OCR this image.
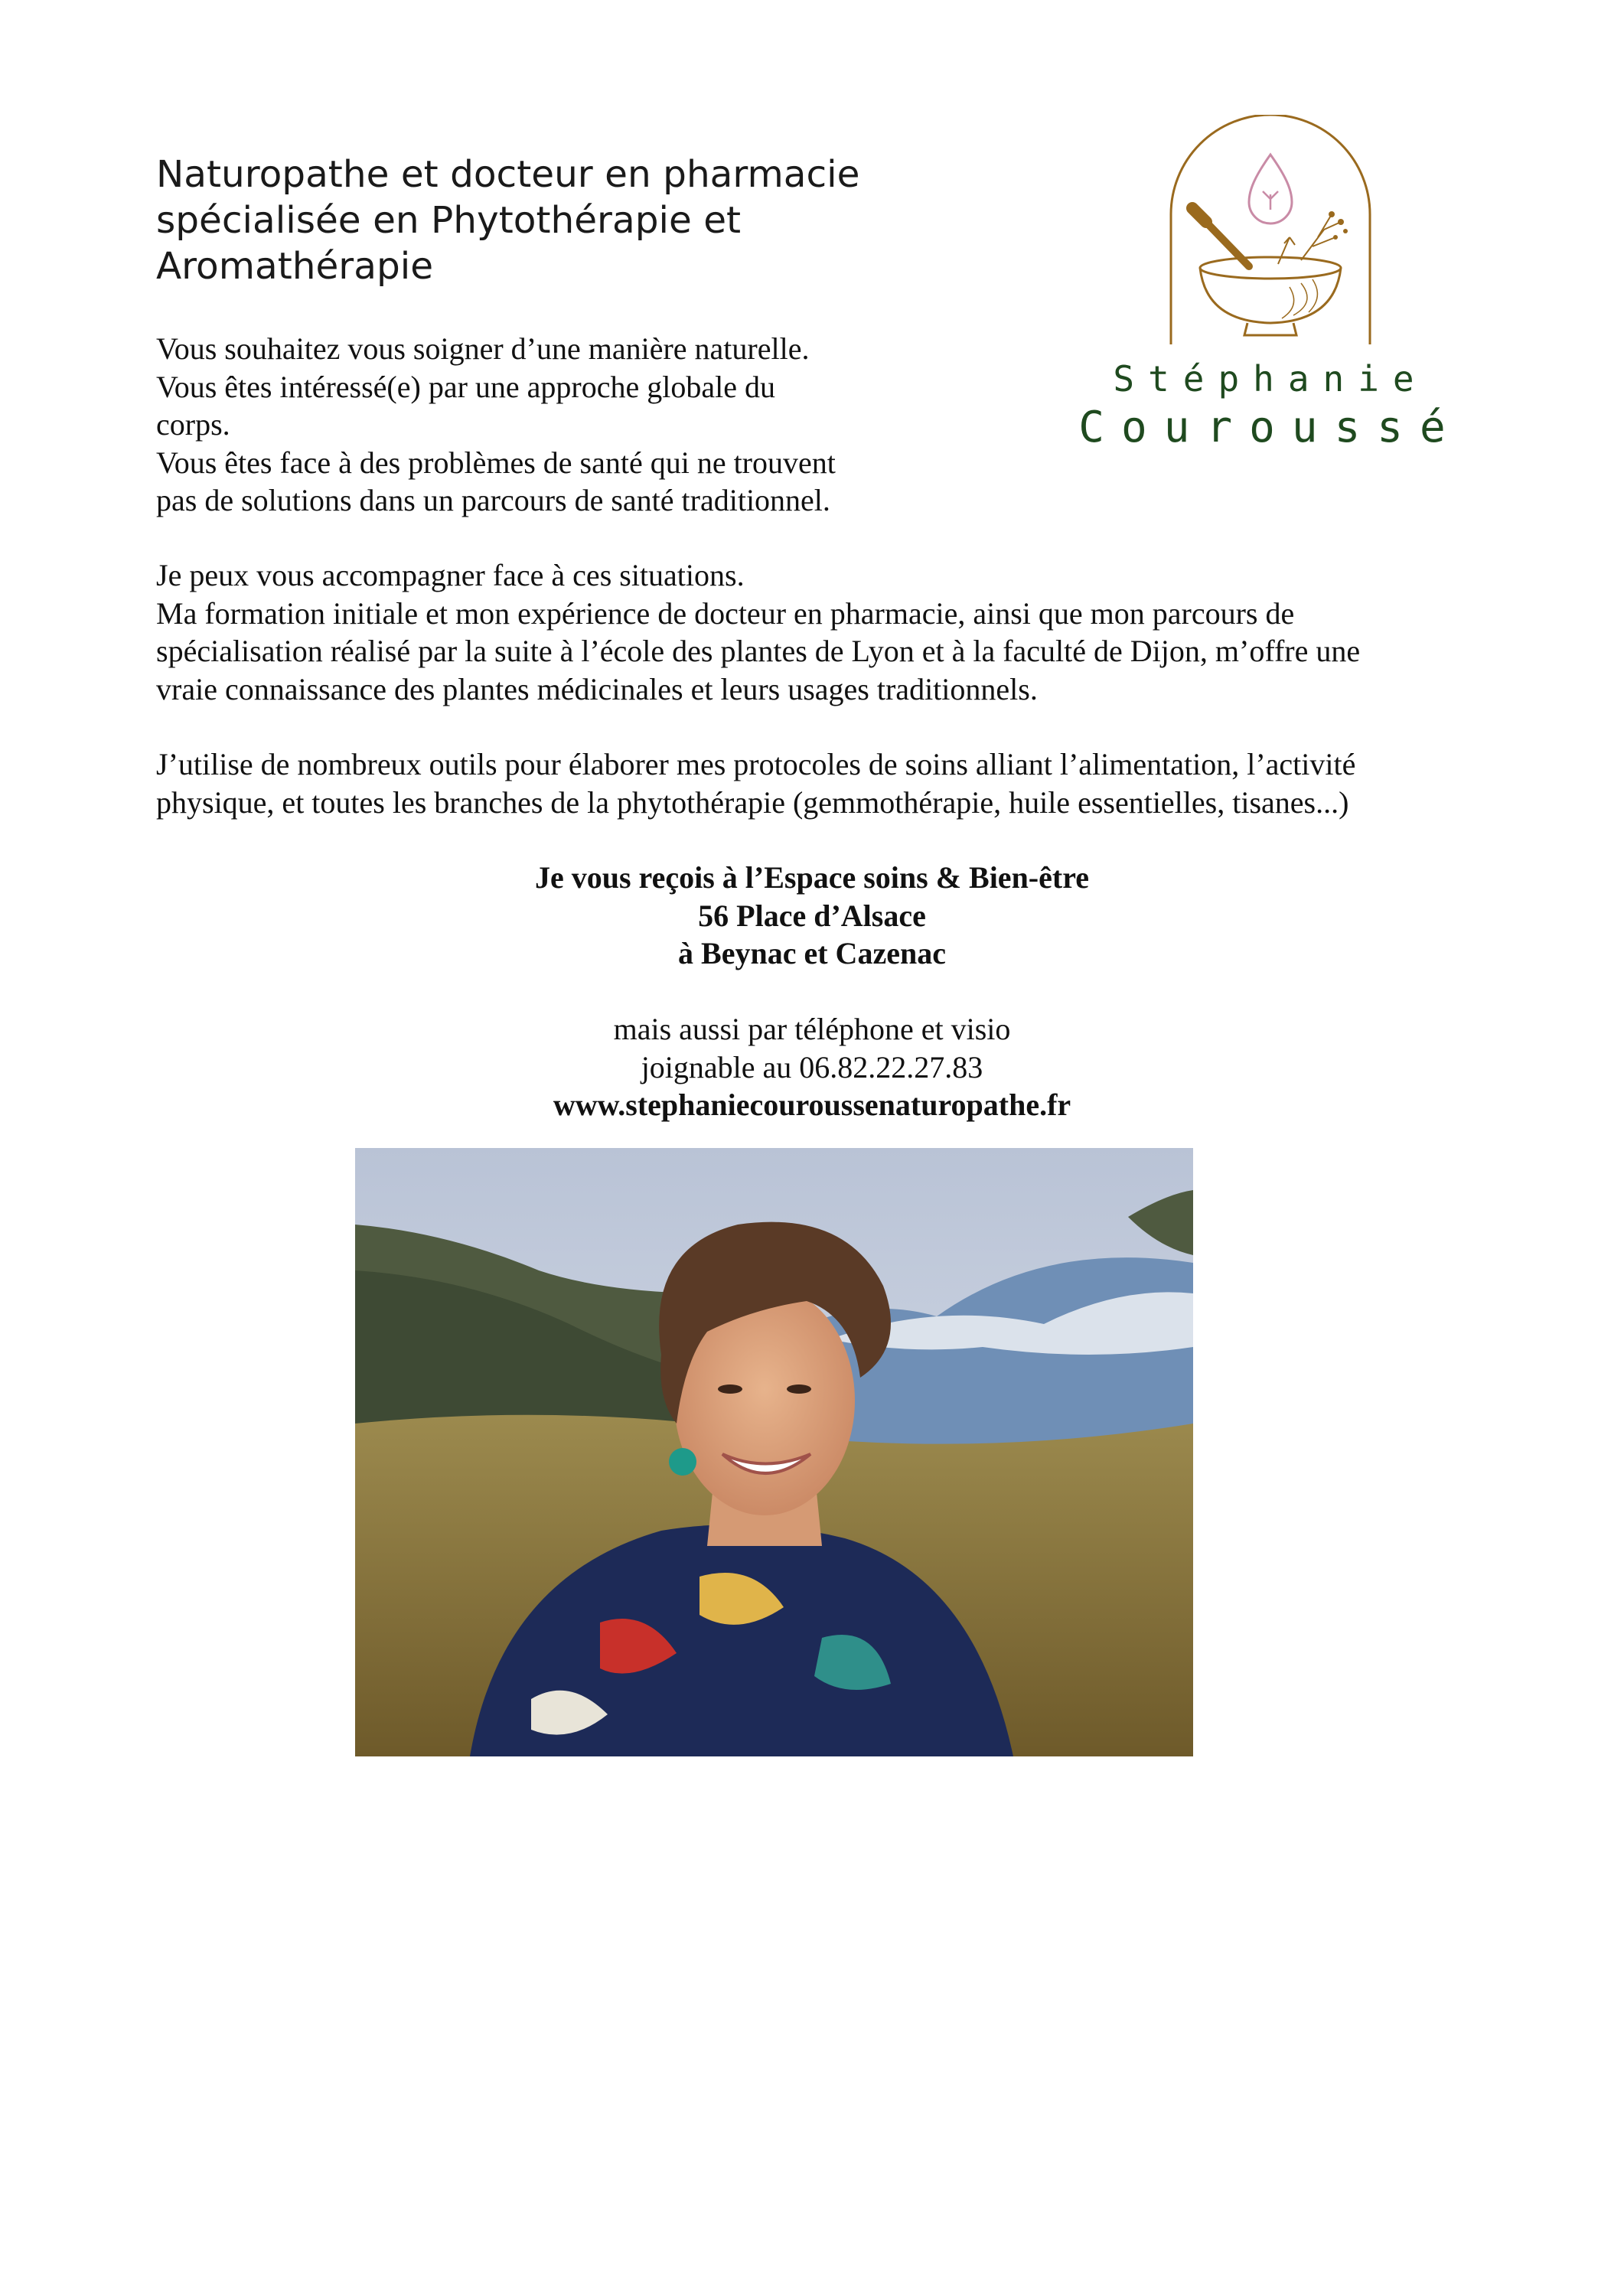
Naturopathe et docteur en pharmacie
spécialisée en Phytothérapie et
Aromathérapie
Stéphanie
Couroussé
Vous souhaitez vous soigner d’une manière naturelle.
Vous êtes intéressé(e) par une approche globale du
corps.
Vous êtes face à des problèmes de santé qui ne trouvent
pas de solutions dans un parcours de santé traditionnel.
Je peux vous accompagner face à ces situations.
Ma formation initiale et mon expérience de docteur en pharmacie, ainsi que mon parcours de
spécialisation réalisé par la suite à l’école des plantes de Lyon et à la faculté de Dijon, m’offre une
vraie connaissance des plantes médicinales et leurs usages traditionnels.
J’utilise de nombreux outils pour élaborer mes protocoles de soins alliant l’alimentation, l’activité
physique, et toutes les branches de la phytothérapie (gemmothérapie, huile essentielles, tisanes...)
Je vous reçois à l’Espace soins & Bien-être
56 Place d’Alsace
à Beynac et Cazenac
mais aussi par téléphone et visio
joignable au 06.82.22.27.83
www.stephaniecouroussenaturopathe.fr
